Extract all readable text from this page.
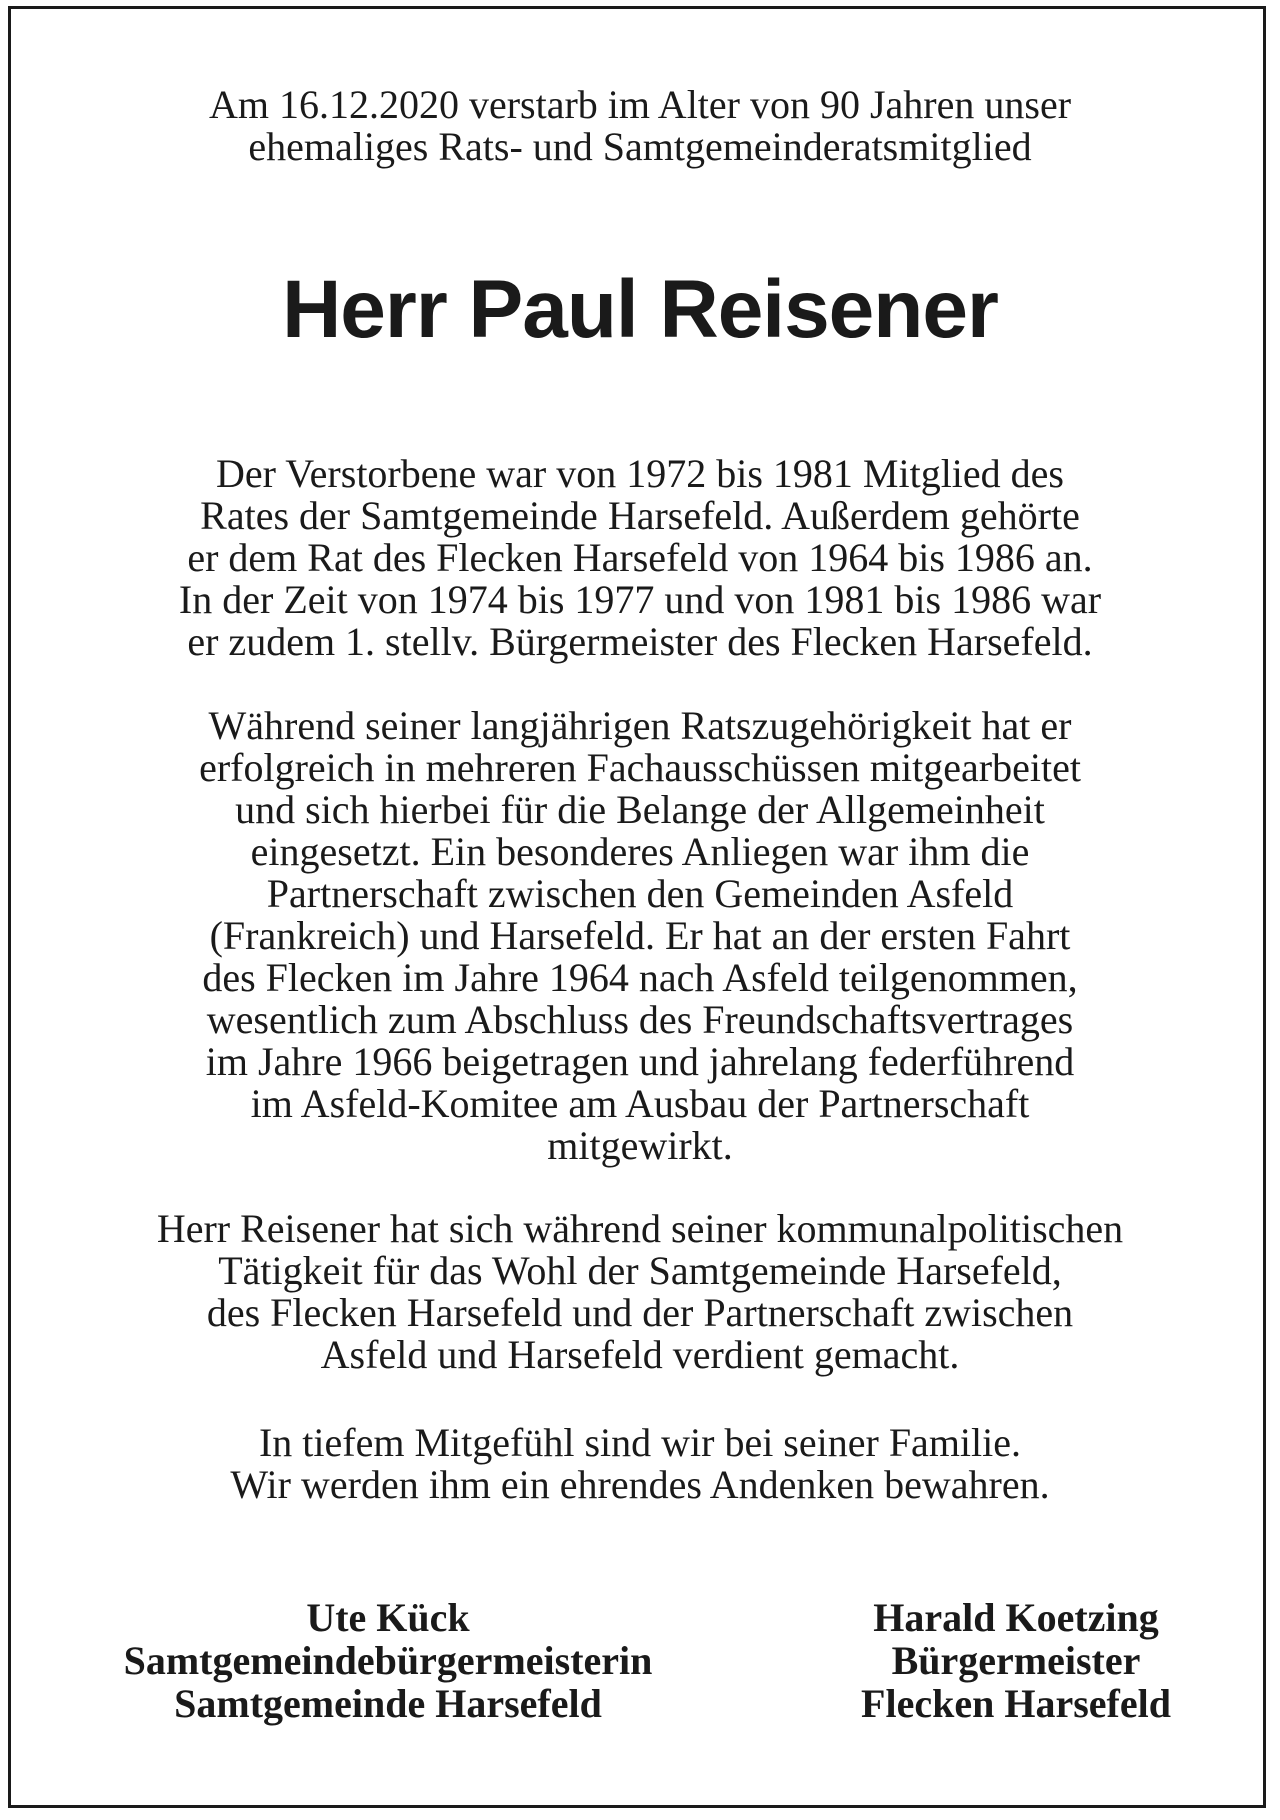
Am 16.12.2020 verstarb im Alter von 90 Jahren unser
ehemaliges Rats- und Samtgemeinderatsmitglied
Herr Paul Reisener
Der Verstorbene war von 1972 bis 1981 Mitglied des
Rates der Samtgemeinde Harsefeld. Außerdem gehörte
er dem Rat des Flecken Harsefeld von 1964 bis 1986 an.
In der Zeit von 1974 bis 1977 und von 1981 bis 1986 war
er zudem 1. stellv. Bürgermeister des Flecken Harsefeld.
Während seiner langjährigen Ratszugehörigkeit hat er
erfolgreich in mehreren Fachausschüssen mitgearbeitet
und sich hierbei für die Belange der Allgemeinheit
eingesetzt. Ein besonderes Anliegen war ihm die
Partnerschaft zwischen den Gemeinden Asfeld
(Frankreich) und Harsefeld. Er hat an der ersten Fahrt
des Flecken im Jahre 1964 nach Asfeld teilgenommen,
wesentlich zum Abschluss des Freundschaftsvertrages
im Jahre 1966 beigetragen und jahrelang federführend
im Asfeld-Komitee am Ausbau der Partnerschaft
mitgewirkt.
Herr Reisener hat sich während seiner kommunalpolitischen
Tätigkeit für das Wohl der Samtgemeinde Harsefeld,
des Flecken Harsefeld und der Partnerschaft zwischen
Asfeld und Harsefeld verdient gemacht.
In tiefem Mitgefühl sind wir bei seiner Familie.
Wir werden ihm ein ehrendes Andenken bewahren.
Ute Kück
Samtgemeindebürgermeisterin
Samtgemeinde Harsefeld
Harald Koetzing
Bürgermeister
Flecken Harsefeld
